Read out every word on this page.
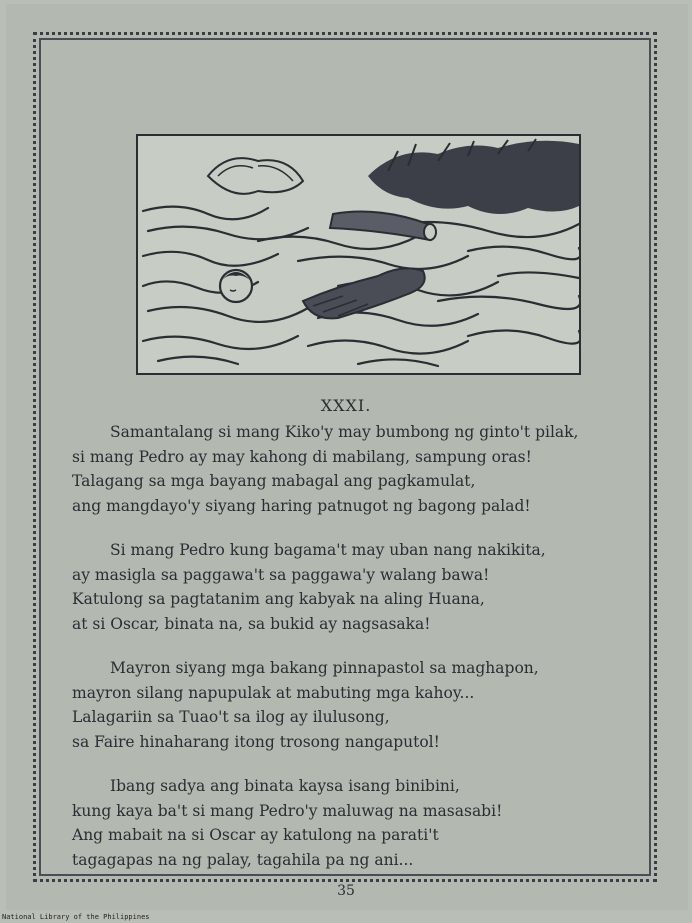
XXXI.
Samantalang si mang Kiko'y may bumbong ng ginto't pilak,
si mang Pedro ay may kahong di mabilang, sampung oras!
Talagang sa mga bayang mabagal ang pagkamulat,
ang mangdayo'y siyang haring patnugot ng bagong palad!
Si mang Pedro kung bagama't may uban nang nakikita,
ay masigla sa paggawa't sa paggawa'y walang bawa!
Katulong sa pagtatanim ang kabyak na aling Huana,
at si Oscar, binata na, sa bukid ay nagsasaka!
Mayron siyang mga bakang pinnapastol sa maghapon,
mayron silang napupulak at mabuting mga kahoy...
Lalagariin sa Tuao't sa ilog ay ilulusong,
sa Faire hinaharang itong trosong nangaputol!
Ibang sadya ang binata kaysa isang binibini,
kung kaya ba't si mang Pedro'y maluwag na masasabi!
Ang mabait na si Oscar ay katulong na parati't
tagagapas na ng palay, tagahila pa ng ani...
35
National Library of the Philippines
